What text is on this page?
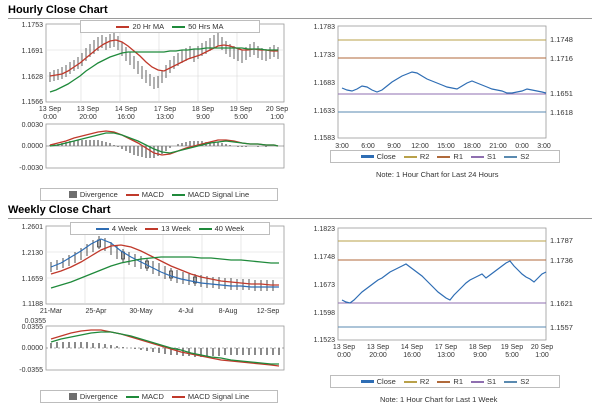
Hourly Close Chart
1.1753
1.1691
1.1628
1.1566
13 Sep
0:00
13 Sep
20:00
14 Sep
16:00
17 Sep
13:00
18 Sep
9:00
19 Sep
5:00
20 Sep
1:00
20 Hr MA	50 Hrs MA
0.0030
0.0000
-0.0030
Divergence	MACD	MACD Signal Line
1.1783
1.1733
1.1683
1.1633
1.1583
1.1748
1.1716
1.1651
1.1618
3:00 6:00 9:00 12:00 15:00 18:00 21:00 0:00 3:00
Close	R2	R1	S1	S2
Note: 1 Hour Chart for Last 24 Hours
Weekly Close Chart
1.2601
1.2130
1.1659
1.1188
21-Mar	25-Apr	30-May	4-Jul	8-Aug	12-Sep
4 Week	13 Week	40 Week
0.0355
0.0000
-0.0355
0.0355
Divergence	MACD	MACD Signal Line
1.1823
1.1748
1.1673
1.1598
1.1523
1.1787
1.1736
1.1621
1.1557
13 Sep
0:00
13 Sep
20:00
14 Sep
16:00
17 Sep
13:00
18 Sep
9:00
19 Sep
5:00
20 Sep
1:00
Close	R2	R1	S1	S2
Note: 1 Hour Chart for Last 1 Week
